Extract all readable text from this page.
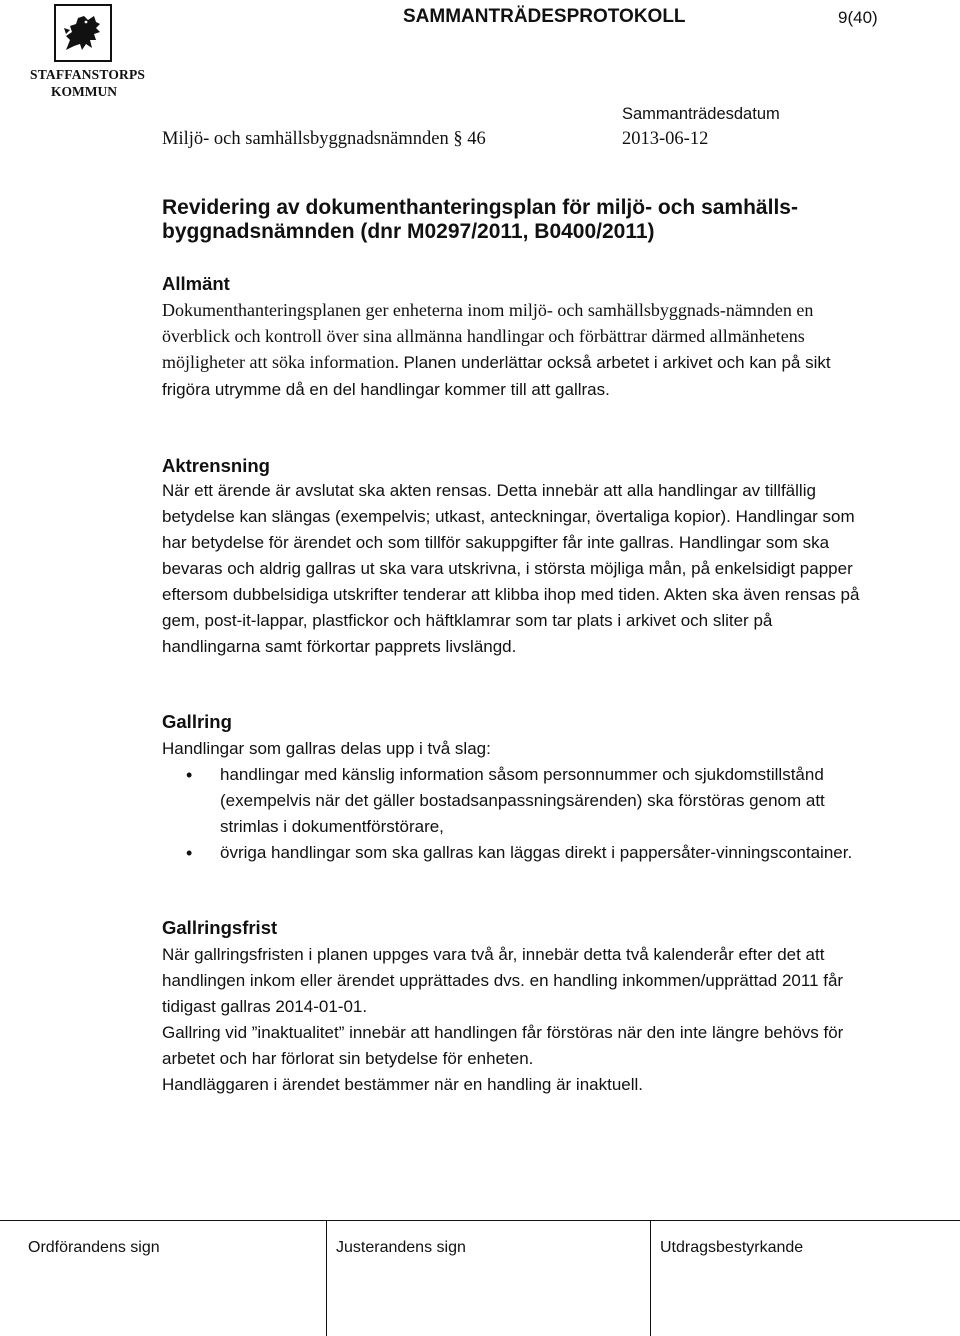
STAFFANSTORPS
KOMMUN
SAMMANTRÄDESPROTOKOLL	9(40)
Sammanträdesdatum
Miljö- och samhällsbyggnadsnämnden § 46	2013-06-12
Revidering av dokumenthanteringsplan för miljö- och samhälls-
byggnadsnämnden (dnr M0297/2011, B0400/2011)
Allmänt

Dokumenthanteringsplanen ger enheterna inom miljö- och samhällsbyggnads-nämnden en överblick och kontroll över sina allmänna handlingar och förbättrar därmed allmänhetens möjligheter att söka information. Planen underlättar också arbetet i arkivet och kan på sikt frigöra utrymme då en del handlingar kommer till att gallras.

Aktrensning

När ett ärende är avslutat ska akten rensas. Detta innebär att alla handlingar av tillfällig betydelse kan slängas (exempelvis; utkast, anteckningar, övertaliga kopior). Handlingar som har betydelse för ärendet och som tillför sakuppgifter får inte gallras. Handlingar som ska bevaras och aldrig gallras ut ska vara utskrivna, i största möjliga mån, på enkelsidigt papper eftersom dubbelsidiga utskrifter tenderar att klibba ihop med tiden. Akten ska även rensas på gem, post-it-lappar, plastfickor och häftklamrar som tar plats i arkivet och sliter på handlingarna samt förkortar papprets livslängd.

Gallring

Handlingar som gallras delas upp i två slag:

• handlingar med känslig information såsom personnummer och sjukdomstillstånd (exempelvis när det gäller bostadsanpassningsärenden) ska förstöras genom att strimlas i dokumentförstörare,
• övriga handlingar som ska gallras kan läggas direkt i pappersåter-vinningscontainer.
Gallringsfrist
När gallringsfristen i planen uppges vara två år, innebär detta två kalenderår efter det att handlingen inkom eller ärendet upprättades dvs. en handling inkommen/upprättad 2011 får tidigast gallras 2014-01-01.
Gallring vid ”inaktualitet” innebär att handlingen får förstöras när den inte längre behövs för arbetet och har förlorat sin betydelse för enheten.
Handläggaren i ärendet bestämmer när en handling är inaktuell.
Ordförandens sign	Justerandens sign	Utdragsbestyrkande
